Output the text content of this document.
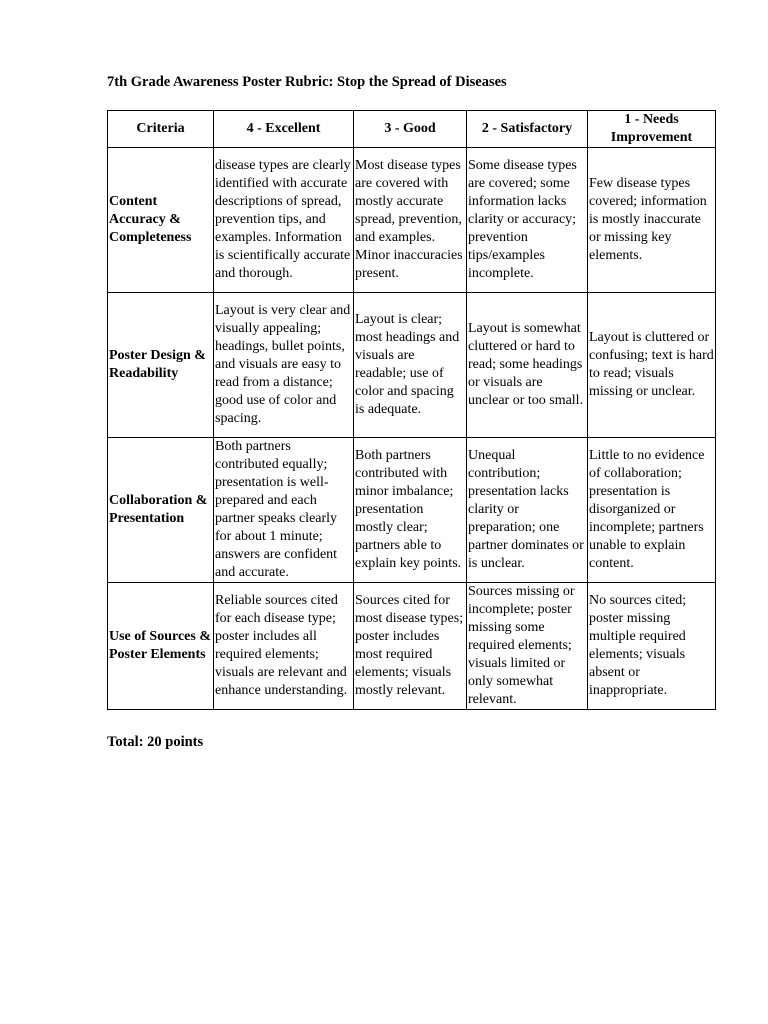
7th Grade Awareness Poster Rubric: Stop the Spread of Diseases
Criteria	4 - Excellent	3 - Good	2 - Satisfactory	1 - Needs Improvement
Content Accuracy & Completeness	disease types are clearly identified with accurate descriptions of spread, prevention tips, and examples. Information is scientifically accurate and thorough.	Most disease types are covered with mostly accurate spread, prevention, and examples. Minor inaccuracies present.	Some disease types are covered; some information lacks clarity or accuracy; prevention tips/examples incomplete.	Few disease types covered; information is mostly inaccurate or missing key elements.
Poster Design & Readability	Layout is very clear and visually appealing; headings, bullet points, and visuals are easy to read from a distance; good use of color and spacing.	Layout is clear; most headings and visuals are readable; use of color and spacing is adequate.	Layout is somewhat cluttered or hard to read; some headings or visuals are unclear or too small.	Layout is cluttered or confusing; text is hard to read; visuals missing or unclear.
Collaboration & Presentation	Both partners contributed equally; presentation is well-prepared and each partner speaks clearly for about 1 minute; answers are confident and accurate.	Both partners contributed with minor imbalance; presentation mostly clear; partners able to explain key points.	Unequal contribution; presentation lacks clarity or preparation; one partner dominates or is unclear.	Little to no evidence of collaboration; presentation is disorganized or incomplete; partners unable to explain content.
Use of Sources & Poster Elements	Reliable sources cited for each disease type; poster includes all required elements; visuals are relevant and enhance understanding.	Sources cited for most disease types; poster includes most required elements; visuals mostly relevant.	Sources missing or incomplete; poster missing some required elements; visuals limited or only somewhat relevant.	No sources cited; poster missing multiple required elements; visuals absent or inappropriate.
Total: 20 points
